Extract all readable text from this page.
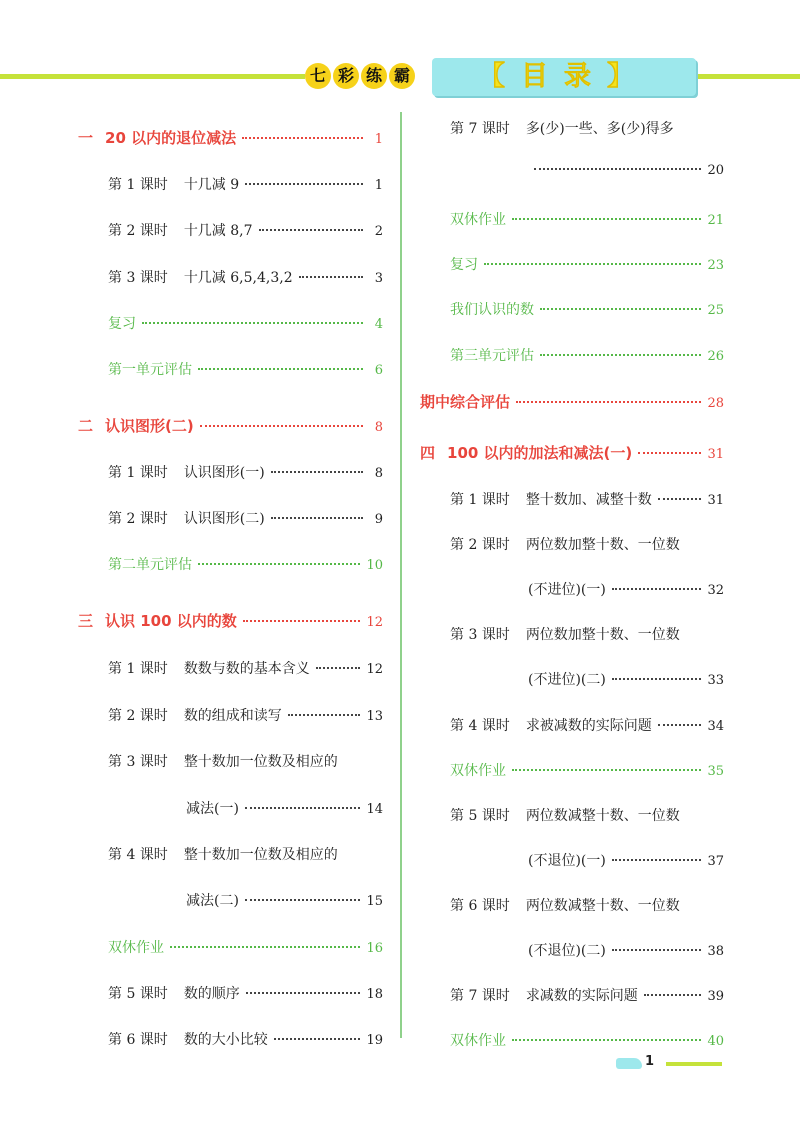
七 彩 练 霸	【目录】
一 20 以内的退位减法	1
第 1 课时 十几减 9	1
第 2 课时 十几减 8,7	2
第 3 课时 十几减 6,5,4,3,2	3
复习	4
第一单元评估	6
二 认识图形(二)	8
第 1 课时 认识图形(一)	8
第 2 课时 认识图形(二)	9
第二单元评估	10
三 认识 100 以内的数	12
第 1 课时 数数与数的基本含义	12
第 2 课时 数的组成和读写	13
第 3 课时 整十数加一位数及相应的
减法(一)	14
第 4 课时 整十数加一位数及相应的
减法(二)	15
双休作业	16
第 5 课时 数的顺序	18
第 6 课时 数的大小比较	19
第 7 课时 多(少)一些、多(少)得多
20
双休作业	21
复习	23
我们认识的数	25
第三单元评估	26
期中综合评估	28
四 100 以内的加法和减法(一)	31
第 1 课时 整十数加、减整十数	31
第 2 课时 两位数加整十数、一位数
(不进位)(一)	32
第 3 课时 两位数加整十数、一位数
(不进位)(二)	33
第 4 课时 求被减数的实际问题	34
双休作业	35
第 5 课时 两位数减整十数、一位数
(不退位)(一)	37
第 6 课时 两位数减整十数、一位数
(不退位)(二)	38
第 7 课时 求减数的实际问题	39
双休作业	40
1
